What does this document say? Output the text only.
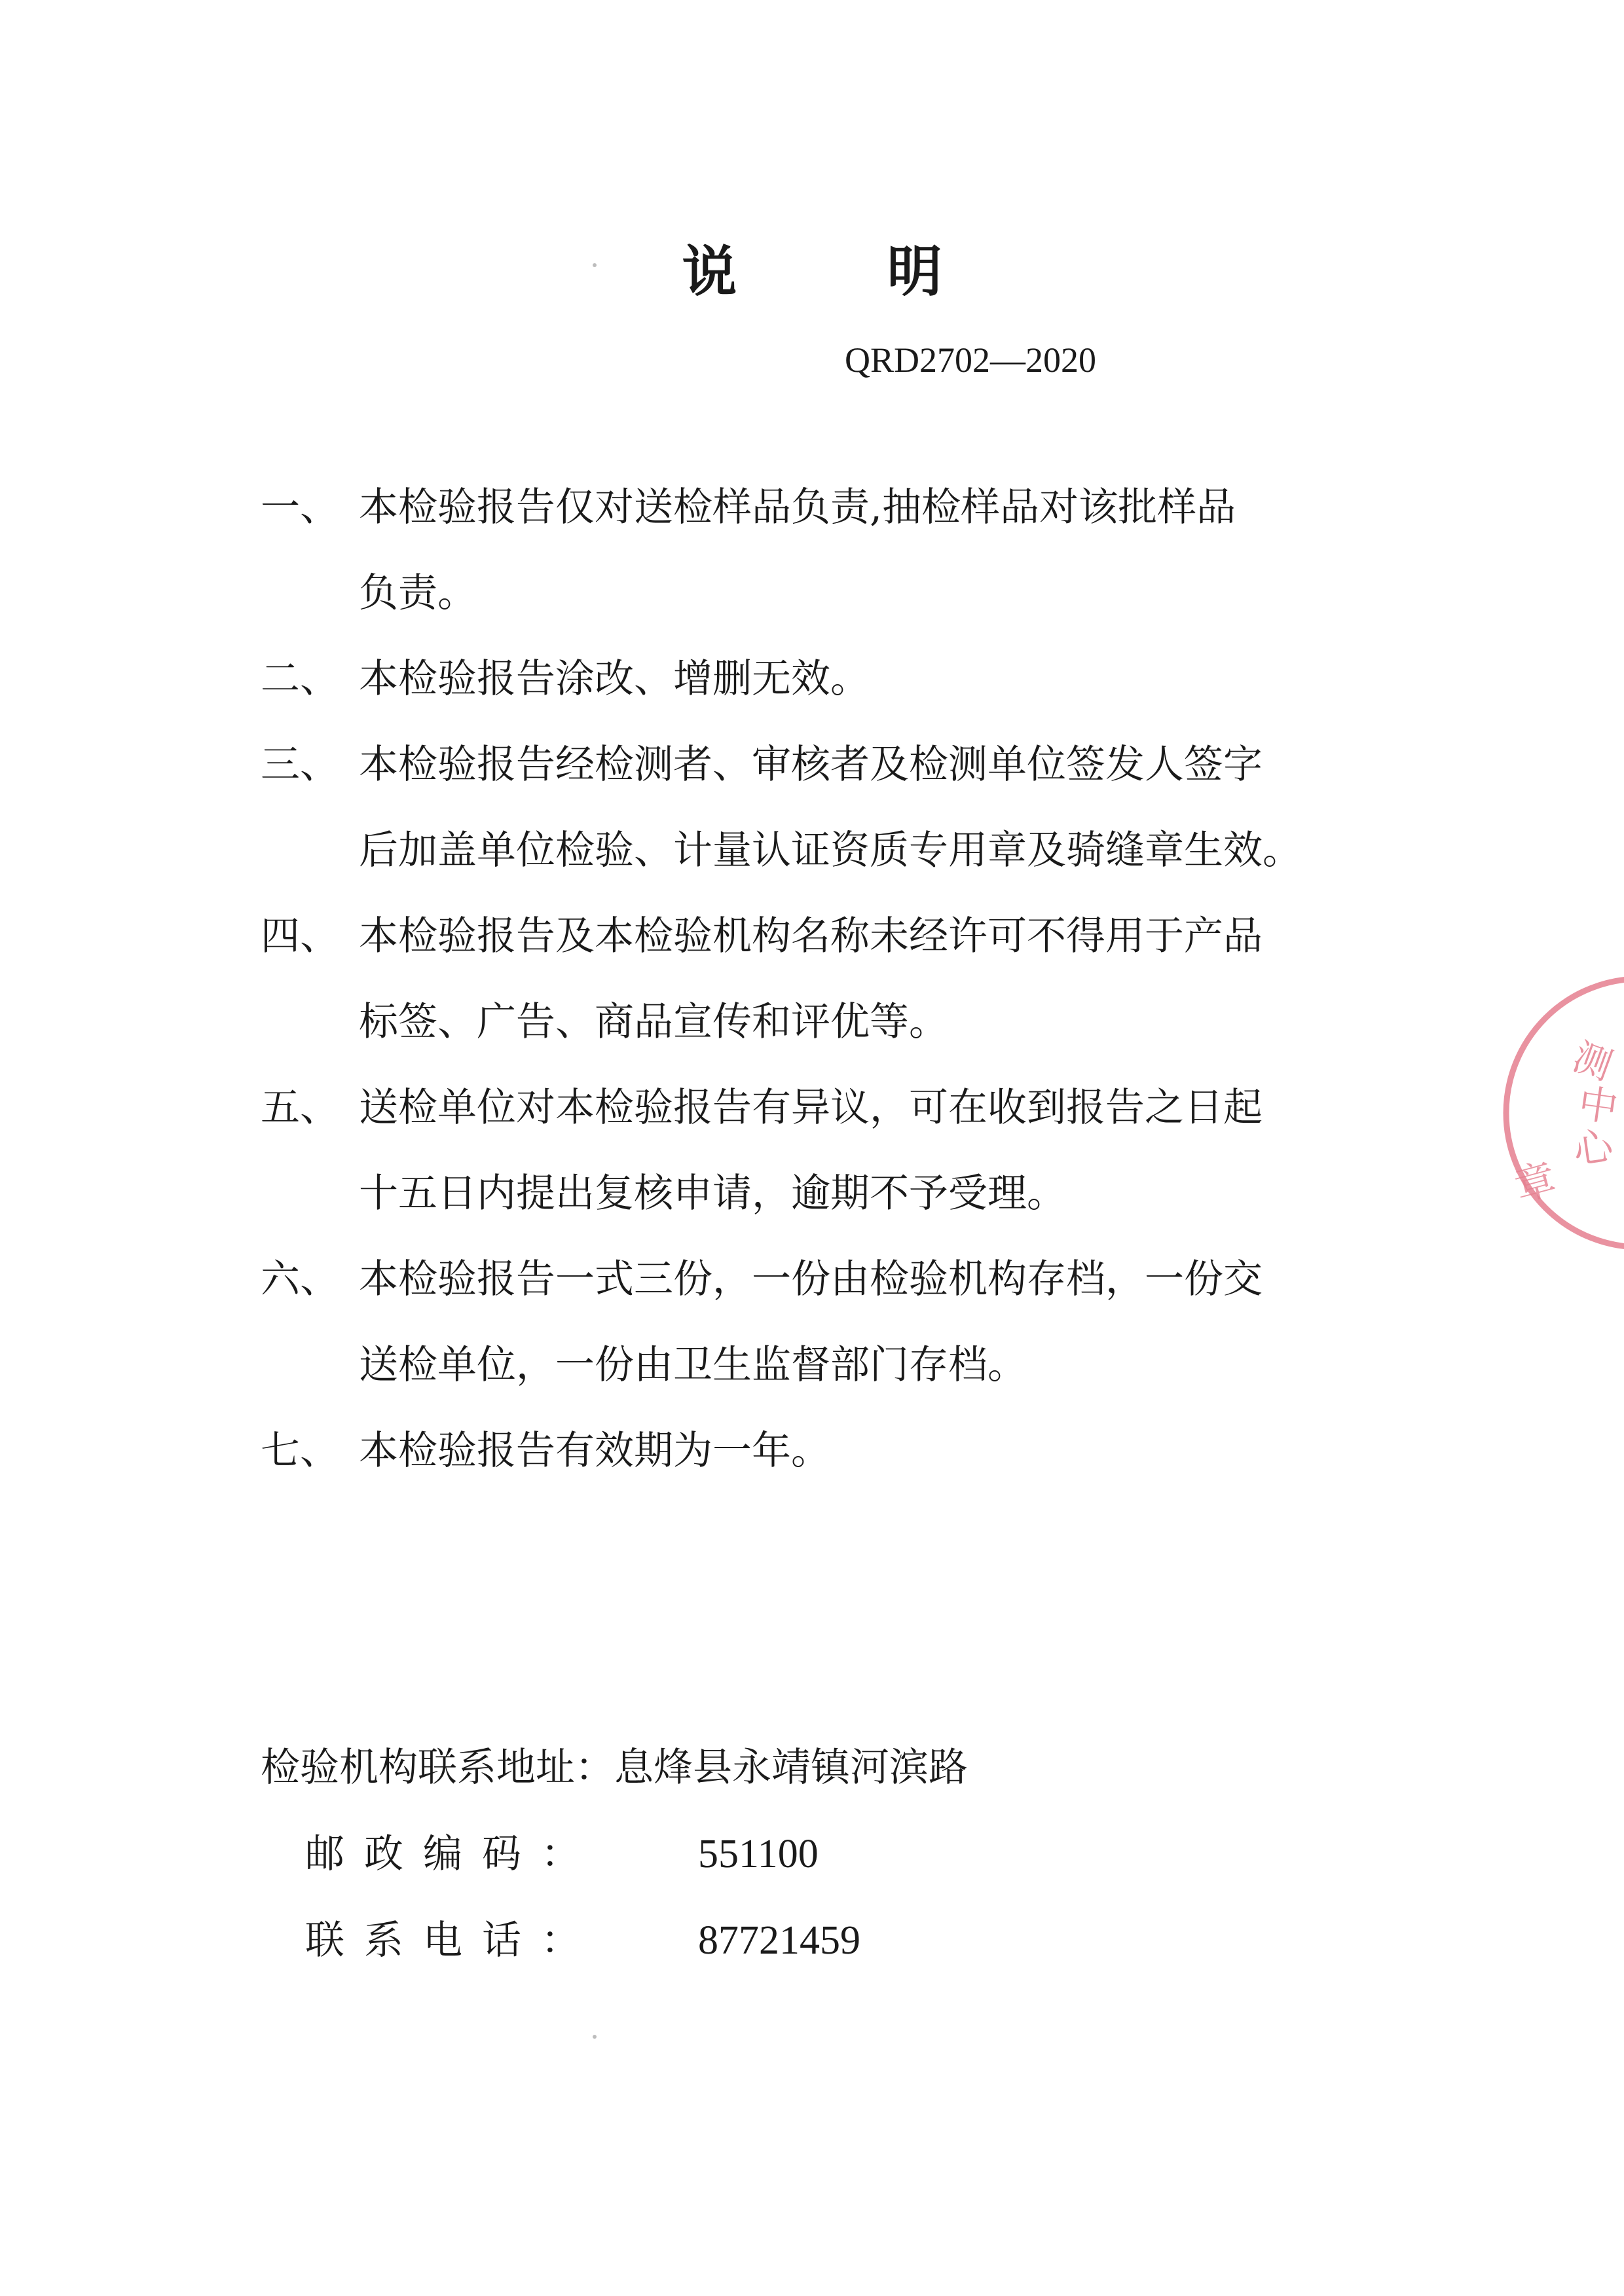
说 明
QRD2702—2020
一、 本检验报告仅对送检样品负责,抽检样品对该批样品
负责。
二、 本检验报告涂改、增删无效。
三、 本检验报告经检测者、审核者及检测单位签发人签字
后加盖单位检验、计量认证资质专用章及骑缝章生效。
四、 本检验报告及本检验机构名称未经许可不得用于产品
标签、广告、商品宣传和评优等。
五、 送检单位对本检验报告有异议，可在收到报告之日起
十五日内提出复核申请，逾期不予受理。
六、 本检验报告一式三份，一份由检验机构存档，一份交
送检单位，一份由卫生监督部门存档。
七、 本检验报告有效期为一年。
检验机构联系地址：息烽县永靖镇河滨路
邮政编码： 551100
联系电话： 87721459
测
中
心
章
